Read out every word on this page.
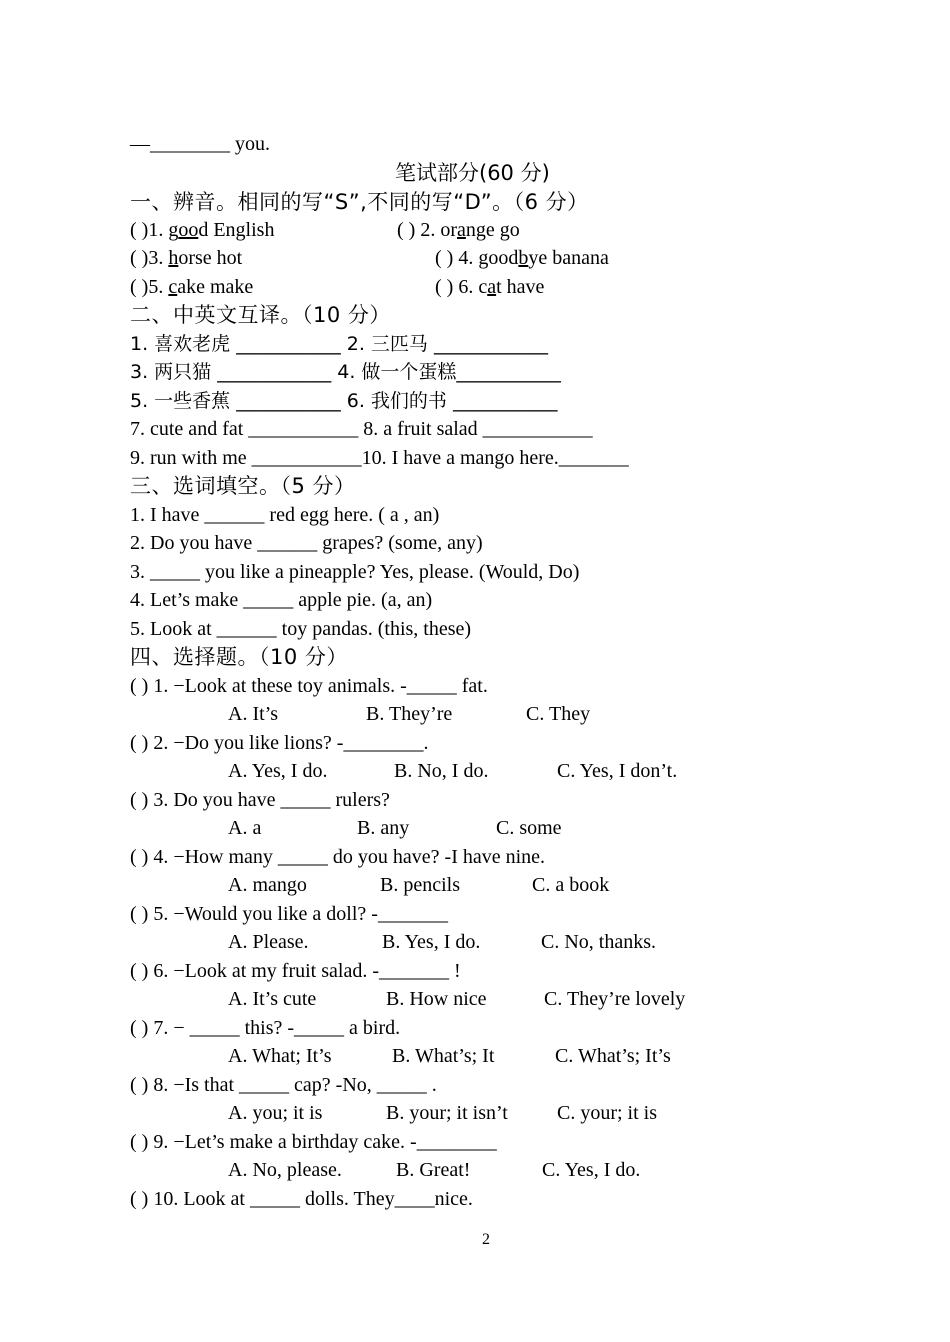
—________ you.
笔试部分(60 分)
一、辨音。相同的写“S”,不同的写“D”。（6 分）
( )1. good English	( ) 2. orange go
( )3. horse hot	( ) 4. goodbye banana
( )5. cake make	( ) 6. cat have
二、中英文互译。（10 分）
1. 喜欢老虎 ___________ 2. 三匹马 ____________
3. 两只猫 ____________ 4. 做一个蛋糕___________
5. 一些香蕉 ___________ 6. 我们的书 ___________
7. cute and fat ___________ 8. a fruit salad ___________
9. run with me ___________10. I have a mango here._______
三、选词填空。（5 分）
1. I have ______ red egg here. ( a , an)
2. Do you have ______ grapes? (some, any)
3. _____ you like a pineapple? Yes, please. (Would, Do)
4. Let’s make _____ apple pie. (a, an)
5. Look at ______ toy pandas. (this, these)
四、选择题。（10 分）
( ) 1. −Look at these toy animals. -_____ fat.
A. It’s	B. They’re	C. They
( ) 2. −Do you like lions? -________.
A. Yes, I do.	B. No, I do.	C. Yes, I don’t.
( ) 3. Do you have _____ rulers?
A. a	B. any	C. some
( ) 4. −How many _____ do you have? -I have nine.
A. mango	B. pencils	C. a book
( ) 5. −Would you like a doll? -_______
A. Please.	B. Yes, I do.	C. No, thanks.
( ) 6. −Look at my fruit salad. -_______ !
A. It’s cute	B. How nice	C. They’re lovely
( ) 7. − _____ this? -_____ a bird.
A. What; It’s	B. What’s; It	C. What’s; It’s
( ) 8. −Is that _____ cap? -No, _____ .
A. you; it is	B. your; it isn’t C. your; it is
( ) 9. −Let’s make a birthday cake. -________
A. No, please.	B. Great!	C. Yes, I do.
( ) 10. Look at _____ dolls. They____nice.
2
